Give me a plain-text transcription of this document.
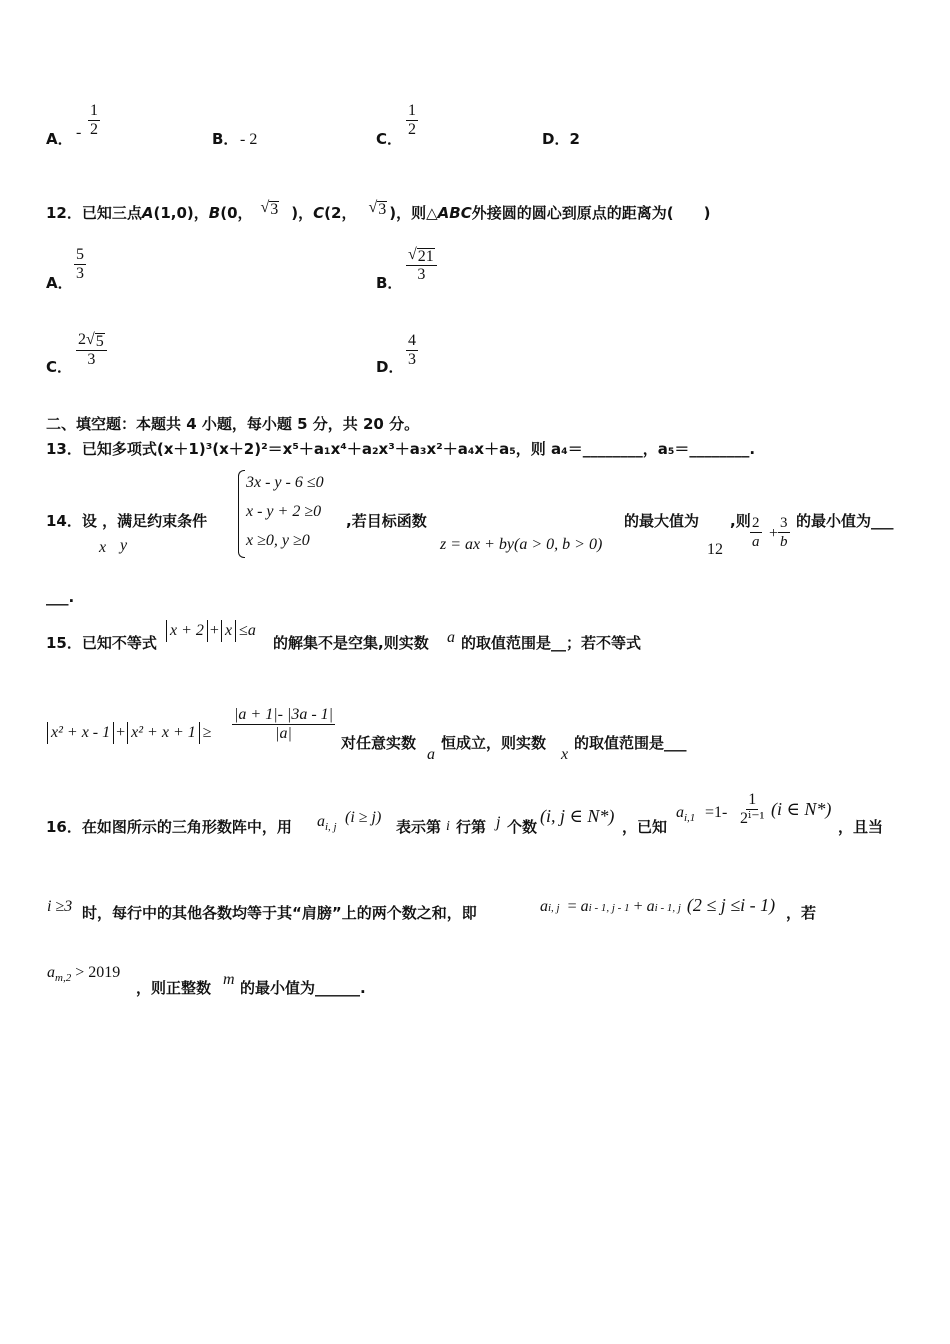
A． - $\frac{1}{2}$	B． - 2	C． $\frac{1}{2}$	D．2
12．已知三点A(1,0)，B(0， √ 3 )，C(2， √ 3 )，则△ABC外接圆的圆心到原点的距离为(　　)
A． $\frac{5}{3}$	B． $\frac{√ 21}{3}$
C． $\frac{2 √ 5}{3}$	D． $\frac{4}{3}$
二、填空题：本题共 4 小题，每小题 5 分，共 20 分。
13．已知多项式(x＋1)³(x＋2)²＝x⁵＋a₁x⁴＋a₂x³＋a₃x²＋a₄x＋a₅，则 a₄＝________，a₅＝________.
14．设 ，满足约束条件
x y
3x - y - 6 ≤0
x - y + 2 ≥0
x ≥0, y ≥0
,若目标函数
z = ax + by(a > 0, b > 0)
的最大值为
12
,则 $\frac{2}{a} + \frac{3}{b}$ 的最小值为___
___.
15．已知不等式
x + 2 + x ≤a
的解集不是空集,则实数 a 的取值范围是__；若不等式
$x^2 + x - 1 + x^2 + x + 1 \ge \frac{|a + 1|- |3a - 1|}{|a|}$ 对任意实数
a
恒成立，则实数
x
的取值范围是___
16．在如图所示的三角形数阵中，用 $a_{i, j}$
(i ≥ j)
表示第 i 行第 j 个数
(i, j ∈ N*)
，已知
$a_{i,1} =1- \frac{1}{\text{2ⁱ⁻¹}} (i$ ∈ N*)
，且当
i ≥3 时，每行中的其他各数均等于其“肩膀”上的两个数之和，即	a i, j = a i - 1, j - 1 + a i - 1, j (2 ≤ j ≤i - 1) ，若
$a_{m,2} > 2019$
，则正整数 m 的最小值为______.
